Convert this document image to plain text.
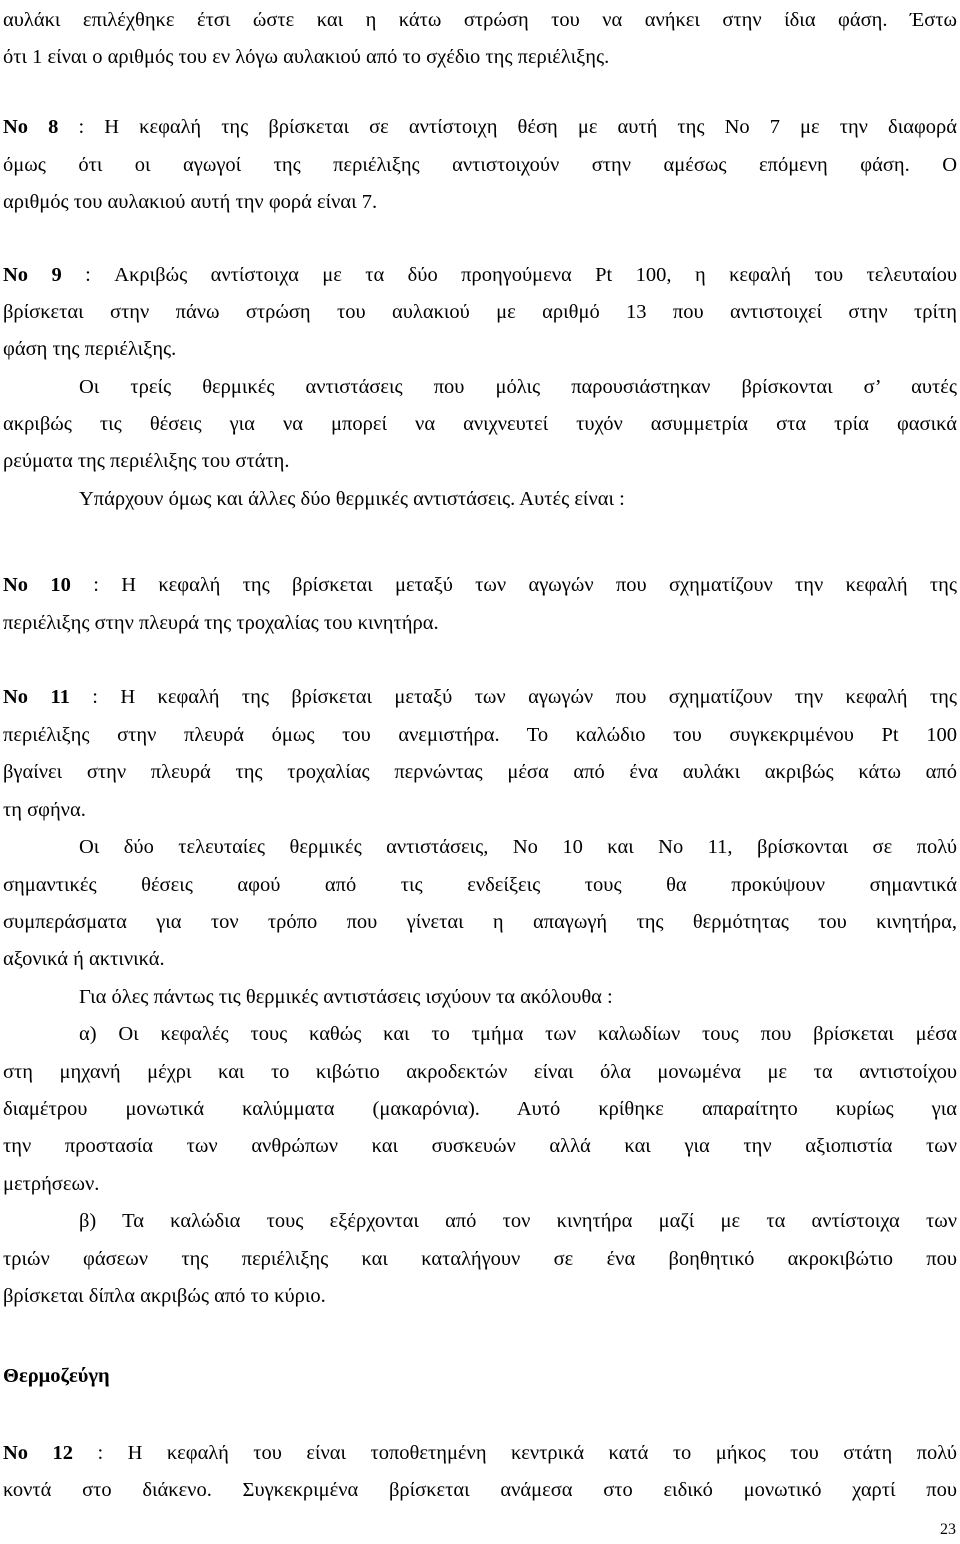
αυλάκι επιλέχθηκε έτσι ώστε και η κάτω στρώση του να ανήκει στην ίδια φάση. Έστω
ότι 1 είναι ο αριθμός του εν λόγω αυλακιού από το σχέδιο της περιέλιξης.
No 8 : Η κεφαλή της βρίσκεται σε αντίστοιχη θέση με αυτή της No 7 με την διαφορά
όμως ότι οι αγωγοί της περιέλιξης αντιστοιχούν στην αμέσως επόμενη φάση. Ο
αριθμός του αυλακιού αυτή την φορά είναι 7.
No 9 : Ακριβώς αντίστοιχα με τα δύο προηγούμενα Pt 100, η κεφαλή του τελευταίου
βρίσκεται στην πάνω στρώση του αυλακιού με αριθμό 13 που αντιστοιχεί στην τρίτη
φάση της περιέλιξης.
Οι τρείς θερμικές αντιστάσεις που μόλις παρουσιάστηκαν βρίσκονται σ’ αυτές
ακριβώς τις θέσεις για να μπορεί να ανιχνευτεί τυχόν ασυμμετρία στα τρία φασικά
ρεύματα της περιέλιξης του στάτη.
Υπάρχουν όμως και άλλες δύο θερμικές αντιστάσεις. Αυτές είναι :
No 10 : Η κεφαλή της βρίσκεται μεταξύ των αγωγών που σχηματίζουν την κεφαλή της
περιέλιξης στην πλευρά της τροχαλίας του κινητήρα.
No 11 : Η κεφαλή της βρίσκεται μεταξύ των αγωγών που σχηματίζουν την κεφαλή της
περιέλιξης στην πλευρά όμως του ανεμιστήρα. Το καλώδιο του συγκεκριμένου Pt 100
βγαίνει στην πλευρά της τροχαλίας περνώντας μέσα από ένα αυλάκι ακριβώς κάτω από
τη σφήνα.
Οι δύο τελευταίες θερμικές αντιστάσεις, No 10 και No 11, βρίσκονται σε πολύ
σημαντικές θέσεις αφού από τις ενδείξεις τους θα προκύψουν σημαντικά
συμπεράσματα για τον τρόπο που γίνεται η απαγωγή της θερμότητας του κινητήρα,
αξονικά ή ακτινικά.
Για όλες πάντως τις θερμικές αντιστάσεις ισχύουν τα ακόλουθα :
α) Οι κεφαλές τους καθώς και το τμήμα των καλωδίων τους που βρίσκεται μέσα
στη μηχανή μέχρι και το κιβώτιο ακροδεκτών είναι όλα μονωμένα με τα αντιστοίχου
διαμέτρου μονωτικά καλύμματα (μακαρόνια). Αυτό κρίθηκε απαραίτητο κυρίως για
την προστασία των ανθρώπων και συσκευών αλλά και για την αξιοπιστία των
μετρήσεων.
β) Τα καλώδια τους εξέρχονται από τον κινητήρα μαζί με τα αντίστοιχα των
τριών φάσεων της περιέλιξης και καταλήγουν σε ένα βοηθητικό ακροκιβώτιο που
βρίσκεται δίπλα ακριβώς από το κύριο.
Θερμοζεύγη
No 12 : Η κεφαλή του είναι τοποθετημένη κεντρικά κατά το μήκος του στάτη πολύ
κοντά στο διάκενο. Συγκεκριμένα βρίσκεται ανάμεσα στο ειδικό μονωτικό χαρτί που
23
